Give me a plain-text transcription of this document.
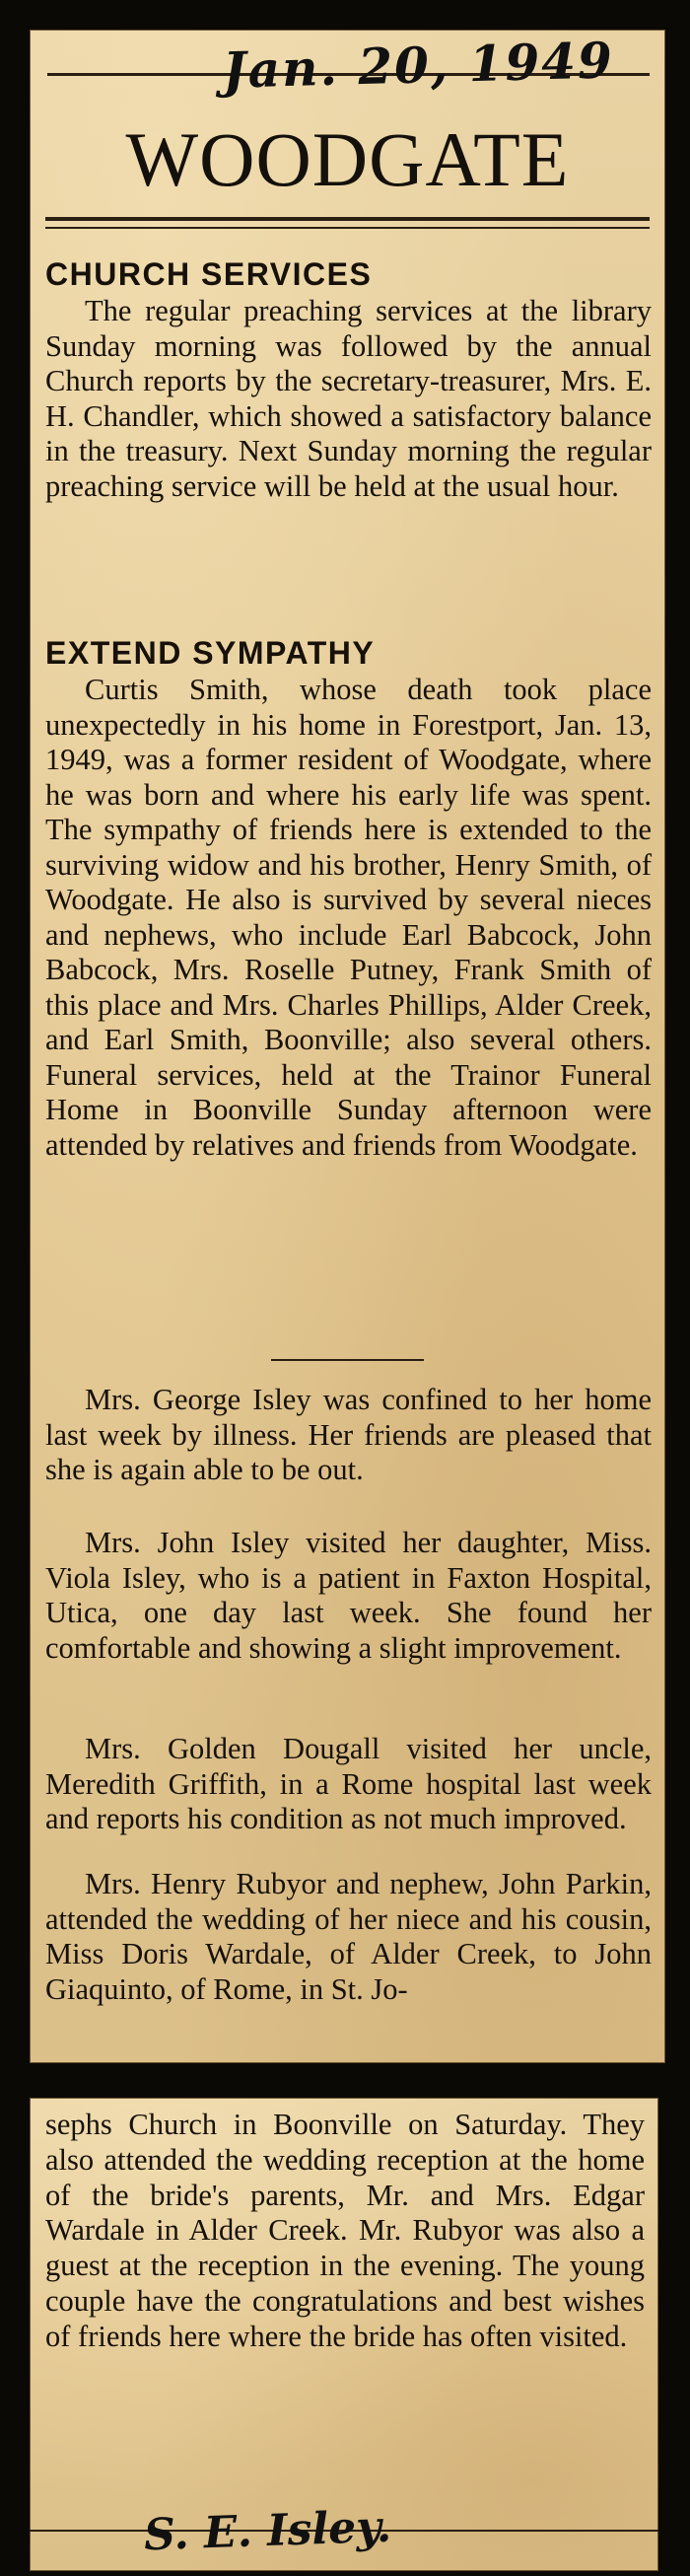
Jan. 20, 1949
WOODGATE
CHURCH SERVICES
The regular preaching services at the library Sunday morning was followed by the annual Church reports by the secretary-treasurer, Mrs. E. H. Chandler, which showed a satisfactory balance in the treasury. Next Sunday morning the regular preaching service will be held at the usual hour.
EXTEND SYMPATHY
Curtis Smith, whose death took place unexpectedly in his home in Forestport, Jan. 13, 1949, was a former resident of Woodgate, where he was born and where his early life was spent. The sympathy of friends here is extended to the surviving widow and his brother, Henry Smith, of Woodgate. He also is survived by several nieces and nephews, who include Earl Babcock, John Babcock, Mrs. Roselle Putney, Frank Smith of this place and Mrs. Charles Phillips, Alder Creek, and Earl Smith, Boonville; also several others. Funeral services, held at the Trainor Funeral Home in Boonville Sunday afternoon were attended by relatives and friends from Woodgate.
Mrs. George Isley was confined to her home last week by illness. Her friends are pleased that she is again able to be out.
Mrs. John Isley visited her daughter, Miss. Viola Isley, who is a patient in Faxton Hospital, Utica, one day last week. She found her comfortable and showing a slight improvement.
Mrs. Golden Dougall visited her uncle, Meredith Griffith, in a Rome hospital last week and reports his condition as not much improved.
Mrs. Henry Rubyor and nephew, John Parkin, attended the wedding of her niece and his cousin, Miss Doris Wardale, of Alder Creek, to John Giaquinto, of Rome, in St. Jo-
sephs Church in Boonville on Saturday. They also attended the wedding reception at the home of the bride's parents, Mr. and Mrs. Edgar Wardale in Alder Creek. Mr. Rubyor was also a guest at the reception in the evening. The young couple have the congratulations and best wishes of friends here where the bride has often visited.
S. E. Isley.
